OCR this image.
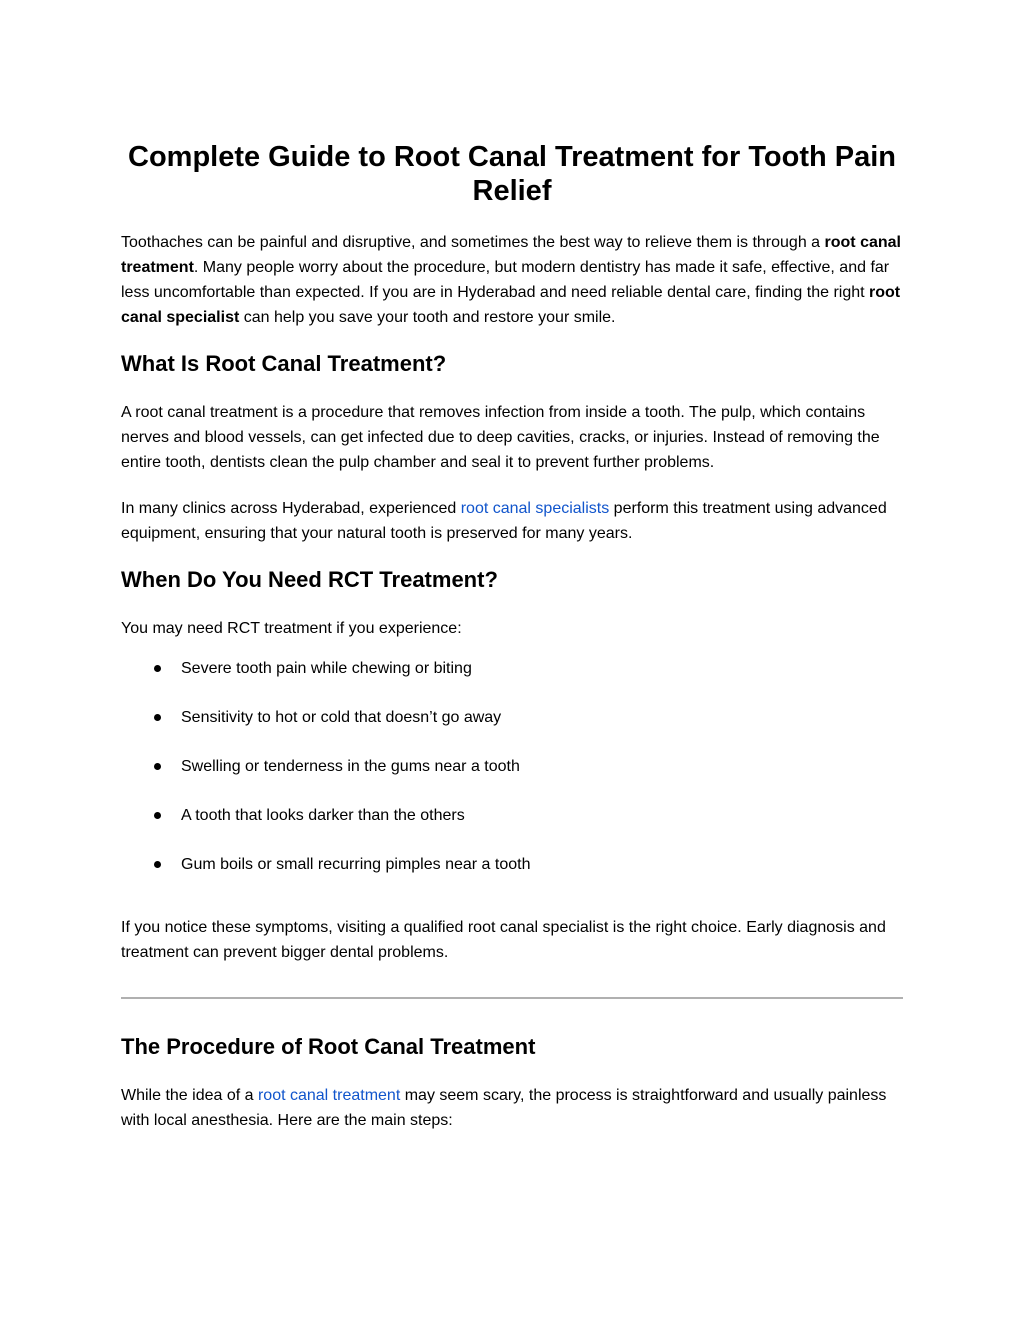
Complete Guide to Root Canal Treatment for Tooth Pain Relief

Toothaches can be painful and disruptive, and sometimes the best way to relieve them is through a root canal treatment. Many people worry about the procedure, but modern dentistry has made it safe, effective, and far less uncomfortable than expected. If you are in Hyderabad and need reliable dental care, finding the right root canal specialist can help you save your tooth and restore your smile.

What Is Root Canal Treatment?

A root canal treatment is a procedure that removes infection from inside a tooth. The pulp, which contains nerves and blood vessels, can get infected due to deep cavities, cracks, or injuries. Instead of removing the entire tooth, dentists clean the pulp chamber and seal it to prevent further problems.

In many clinics across Hyderabad, experienced root canal specialists perform this treatment using advanced equipment, ensuring that your natural tooth is preserved for many years.

When Do You Need RCT Treatment?

You may need RCT treatment if you experience:

Severe tooth pain while chewing or biting
Sensitivity to hot or cold that doesn’t go away
Swelling or tenderness in the gums near a tooth
A tooth that looks darker than the others
Gum boils or small recurring pimples near a tooth

If you notice these symptoms, visiting a qualified root canal specialist is the right choice. Early diagnosis and treatment can prevent bigger dental problems.

The Procedure of Root Canal Treatment

While the idea of a root canal treatment may seem scary, the process is straightforward and usually painless with local anesthesia. Here are the main steps:
